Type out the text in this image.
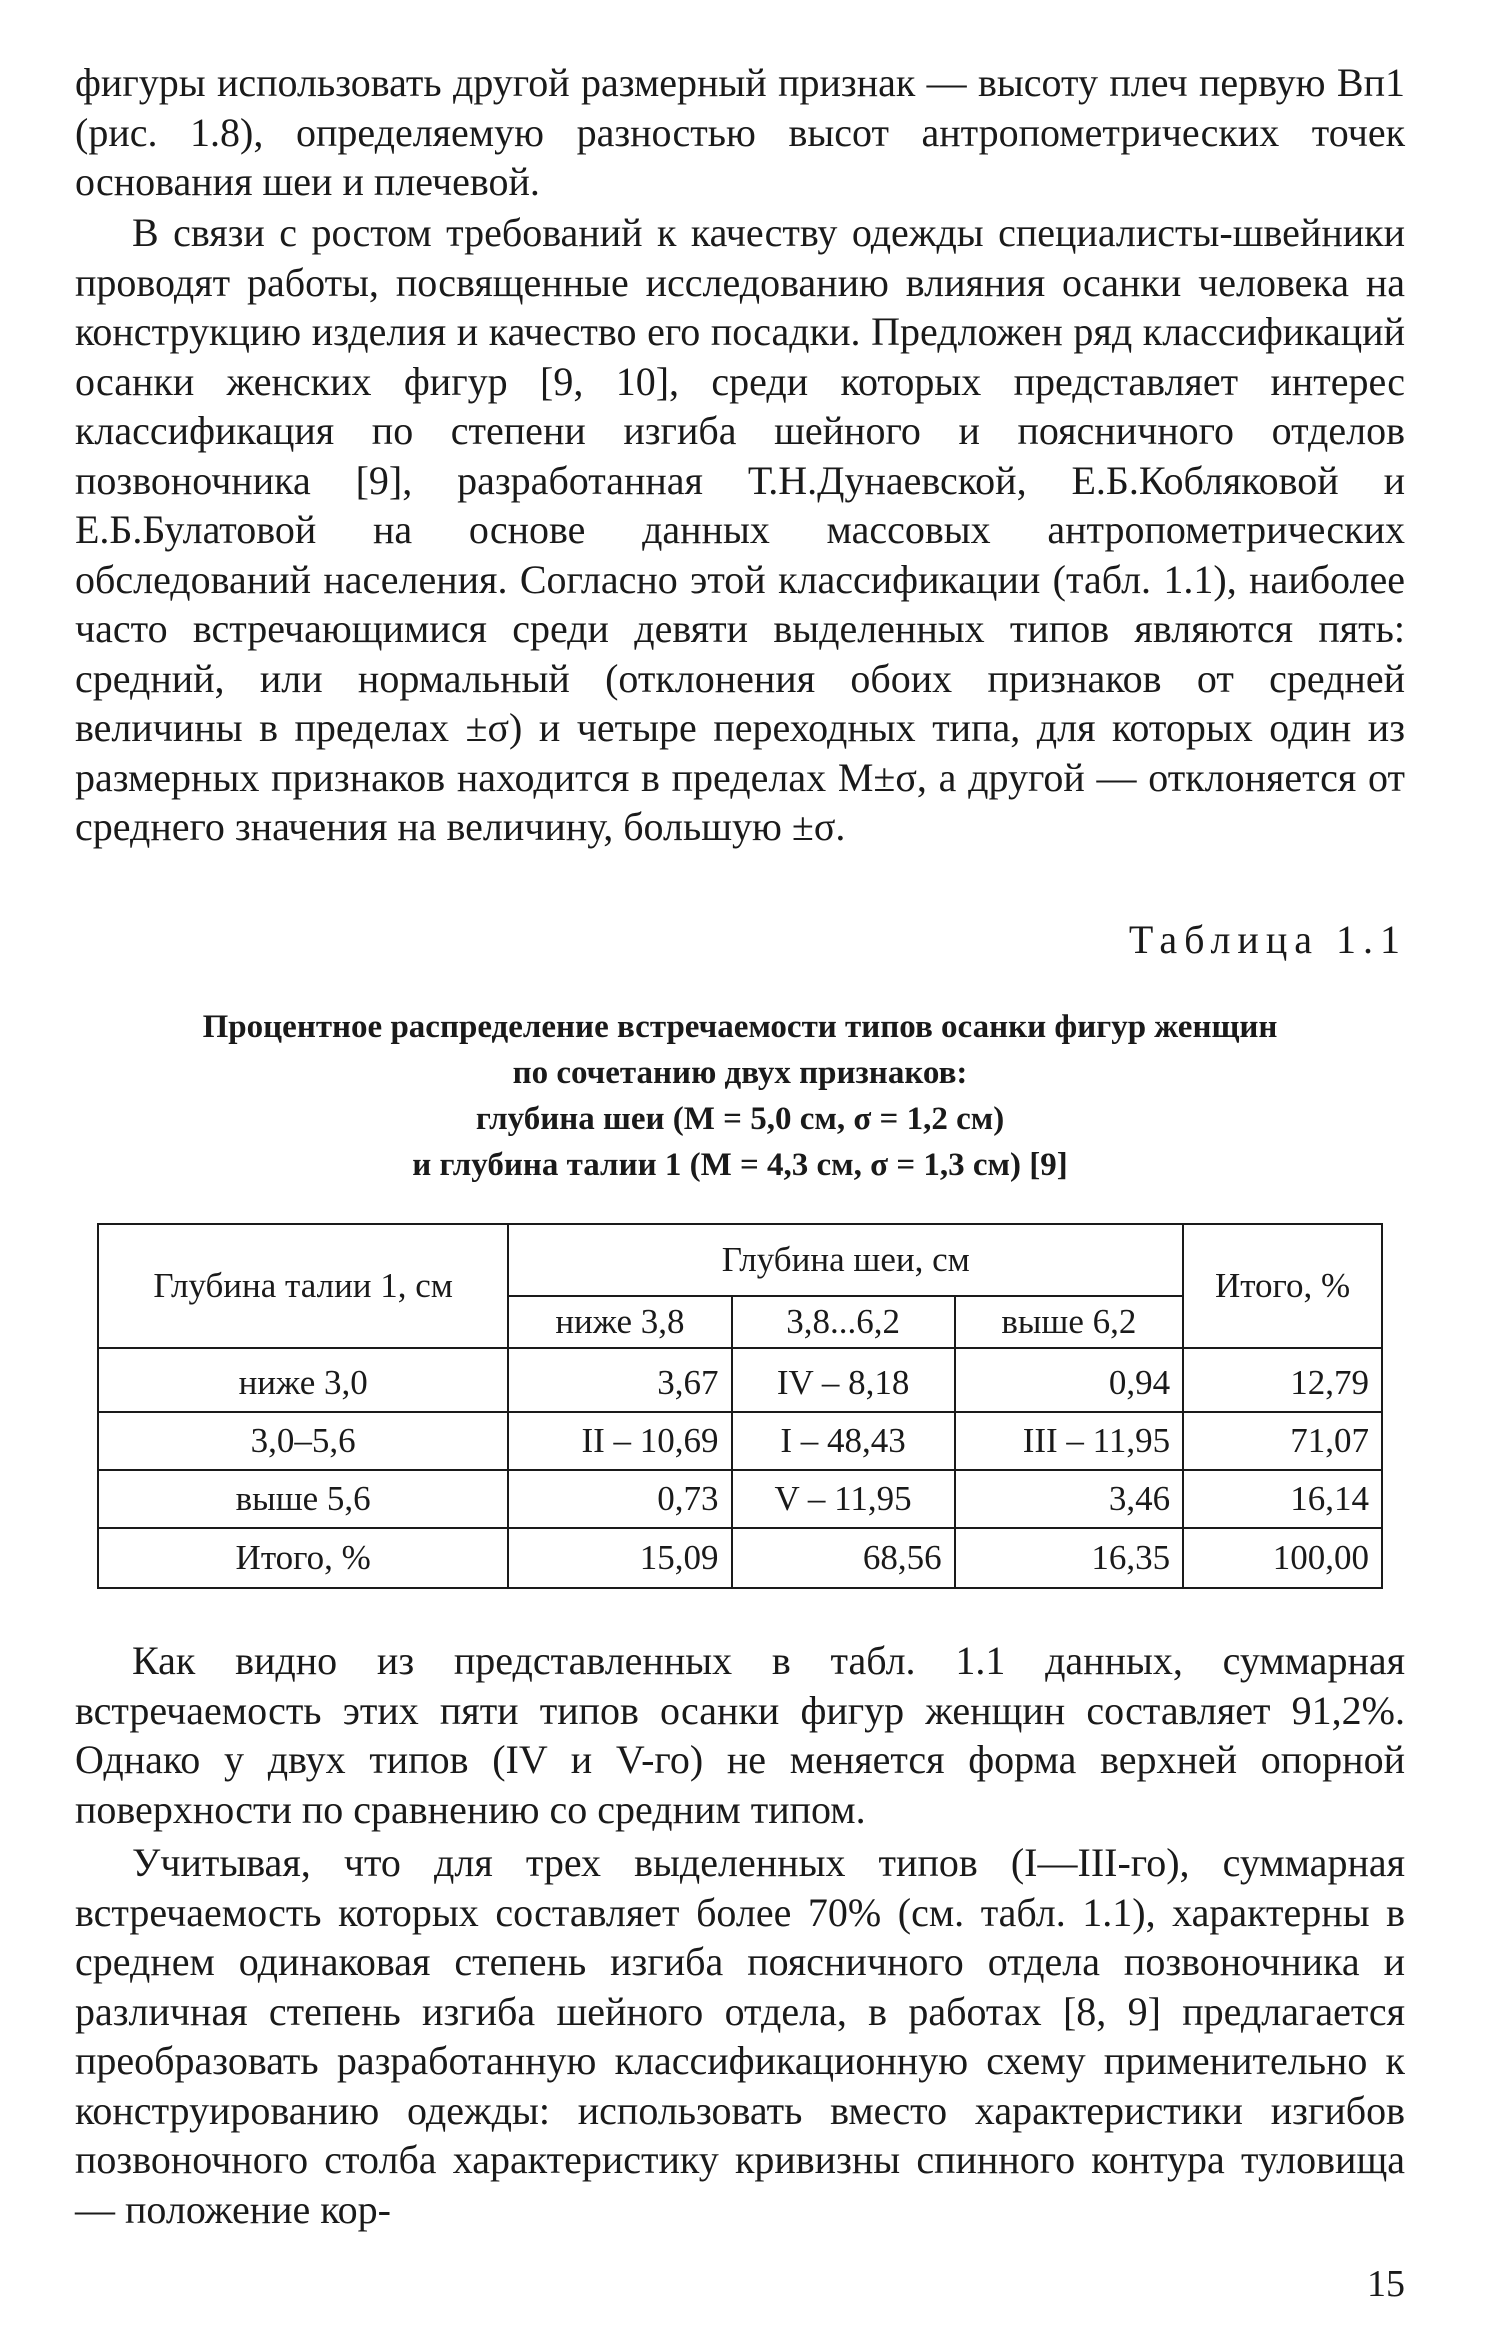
фигуры использовать другой размерный признак — высоту плеч первую Вп1 (рис. 1.8), определяемую разностью высот антропометрических точек основания шеи и плечевой.

В связи с ростом требований к качеству одежды специалисты-швейники проводят работы, посвященные исследованию влияния осанки человека на конструкцию изделия и качество его посадки. Предложен ряд классификаций осанки женских фигур [9, 10], среди которых представляет интерес классификация по степени изгиба шейного и поясничного отделов позвоночника [9], разработанная Т.Н.Дунаевской, Е.Б.Кобляковой и Е.Б.Булатовой на основе данных массовых антропометрических обследований населения. Согласно этой классификации (табл. 1.1), наиболее часто встречающимися среди девяти выделенных типов являются пять: средний, или нормальный (отклонения обоих признаков от средней величины в пределах ±σ) и четыре переходных типа, для которых один из размерных признаков находится в пределах М±σ, а другой — отклоняется от среднего значения на величину, большую ±σ.

Таблица 1.1

Процентное распределение встречаемости типов осанки фигур женщин
по сочетанию двух признаков:
глубина шеи (М = 5,0 см, σ = 1,2 см)
и глубина талии 1 (М = 4,3 см, σ = 1,3 см) [9]

Глубина талии 1, см	Глубина шеи, см			Итого, %
	ниже 3,8	3,8...6,2	выше 6,2	
ниже 3,0	3,67	IV – 8,18	0,94	12,79
3,0–5,6	II – 10,69	I – 48,43	III – 11,95	71,07
выше 5,6	0,73	V – 11,95	3,46	16,14
Итого, %	15,09	68,56	16,35	100,00

Как видно из представленных в табл. 1.1 данных, суммарная встречаемость этих пяти типов осанки фигур женщин составляет 91,2%. Однако у двух типов (IV и V-го) не меняется форма верхней опорной поверхности по сравнению со средним типом.

Учитывая, что для трех выделенных типов (I—III-го), суммарная встречаемость которых составляет более 70% (см. табл. 1.1), характерны в среднем одинаковая степень изгиба поясничного отдела позвоночника и различная степень изгиба шейного отдела, в работах [8, 9] предлагается преобразовать разработанную классификационную схему применительно к конструированию одежды: использовать вместо характеристики изгибов позвоночного столба характеристику кривизны спинного контура туловища — положение кор-

15
